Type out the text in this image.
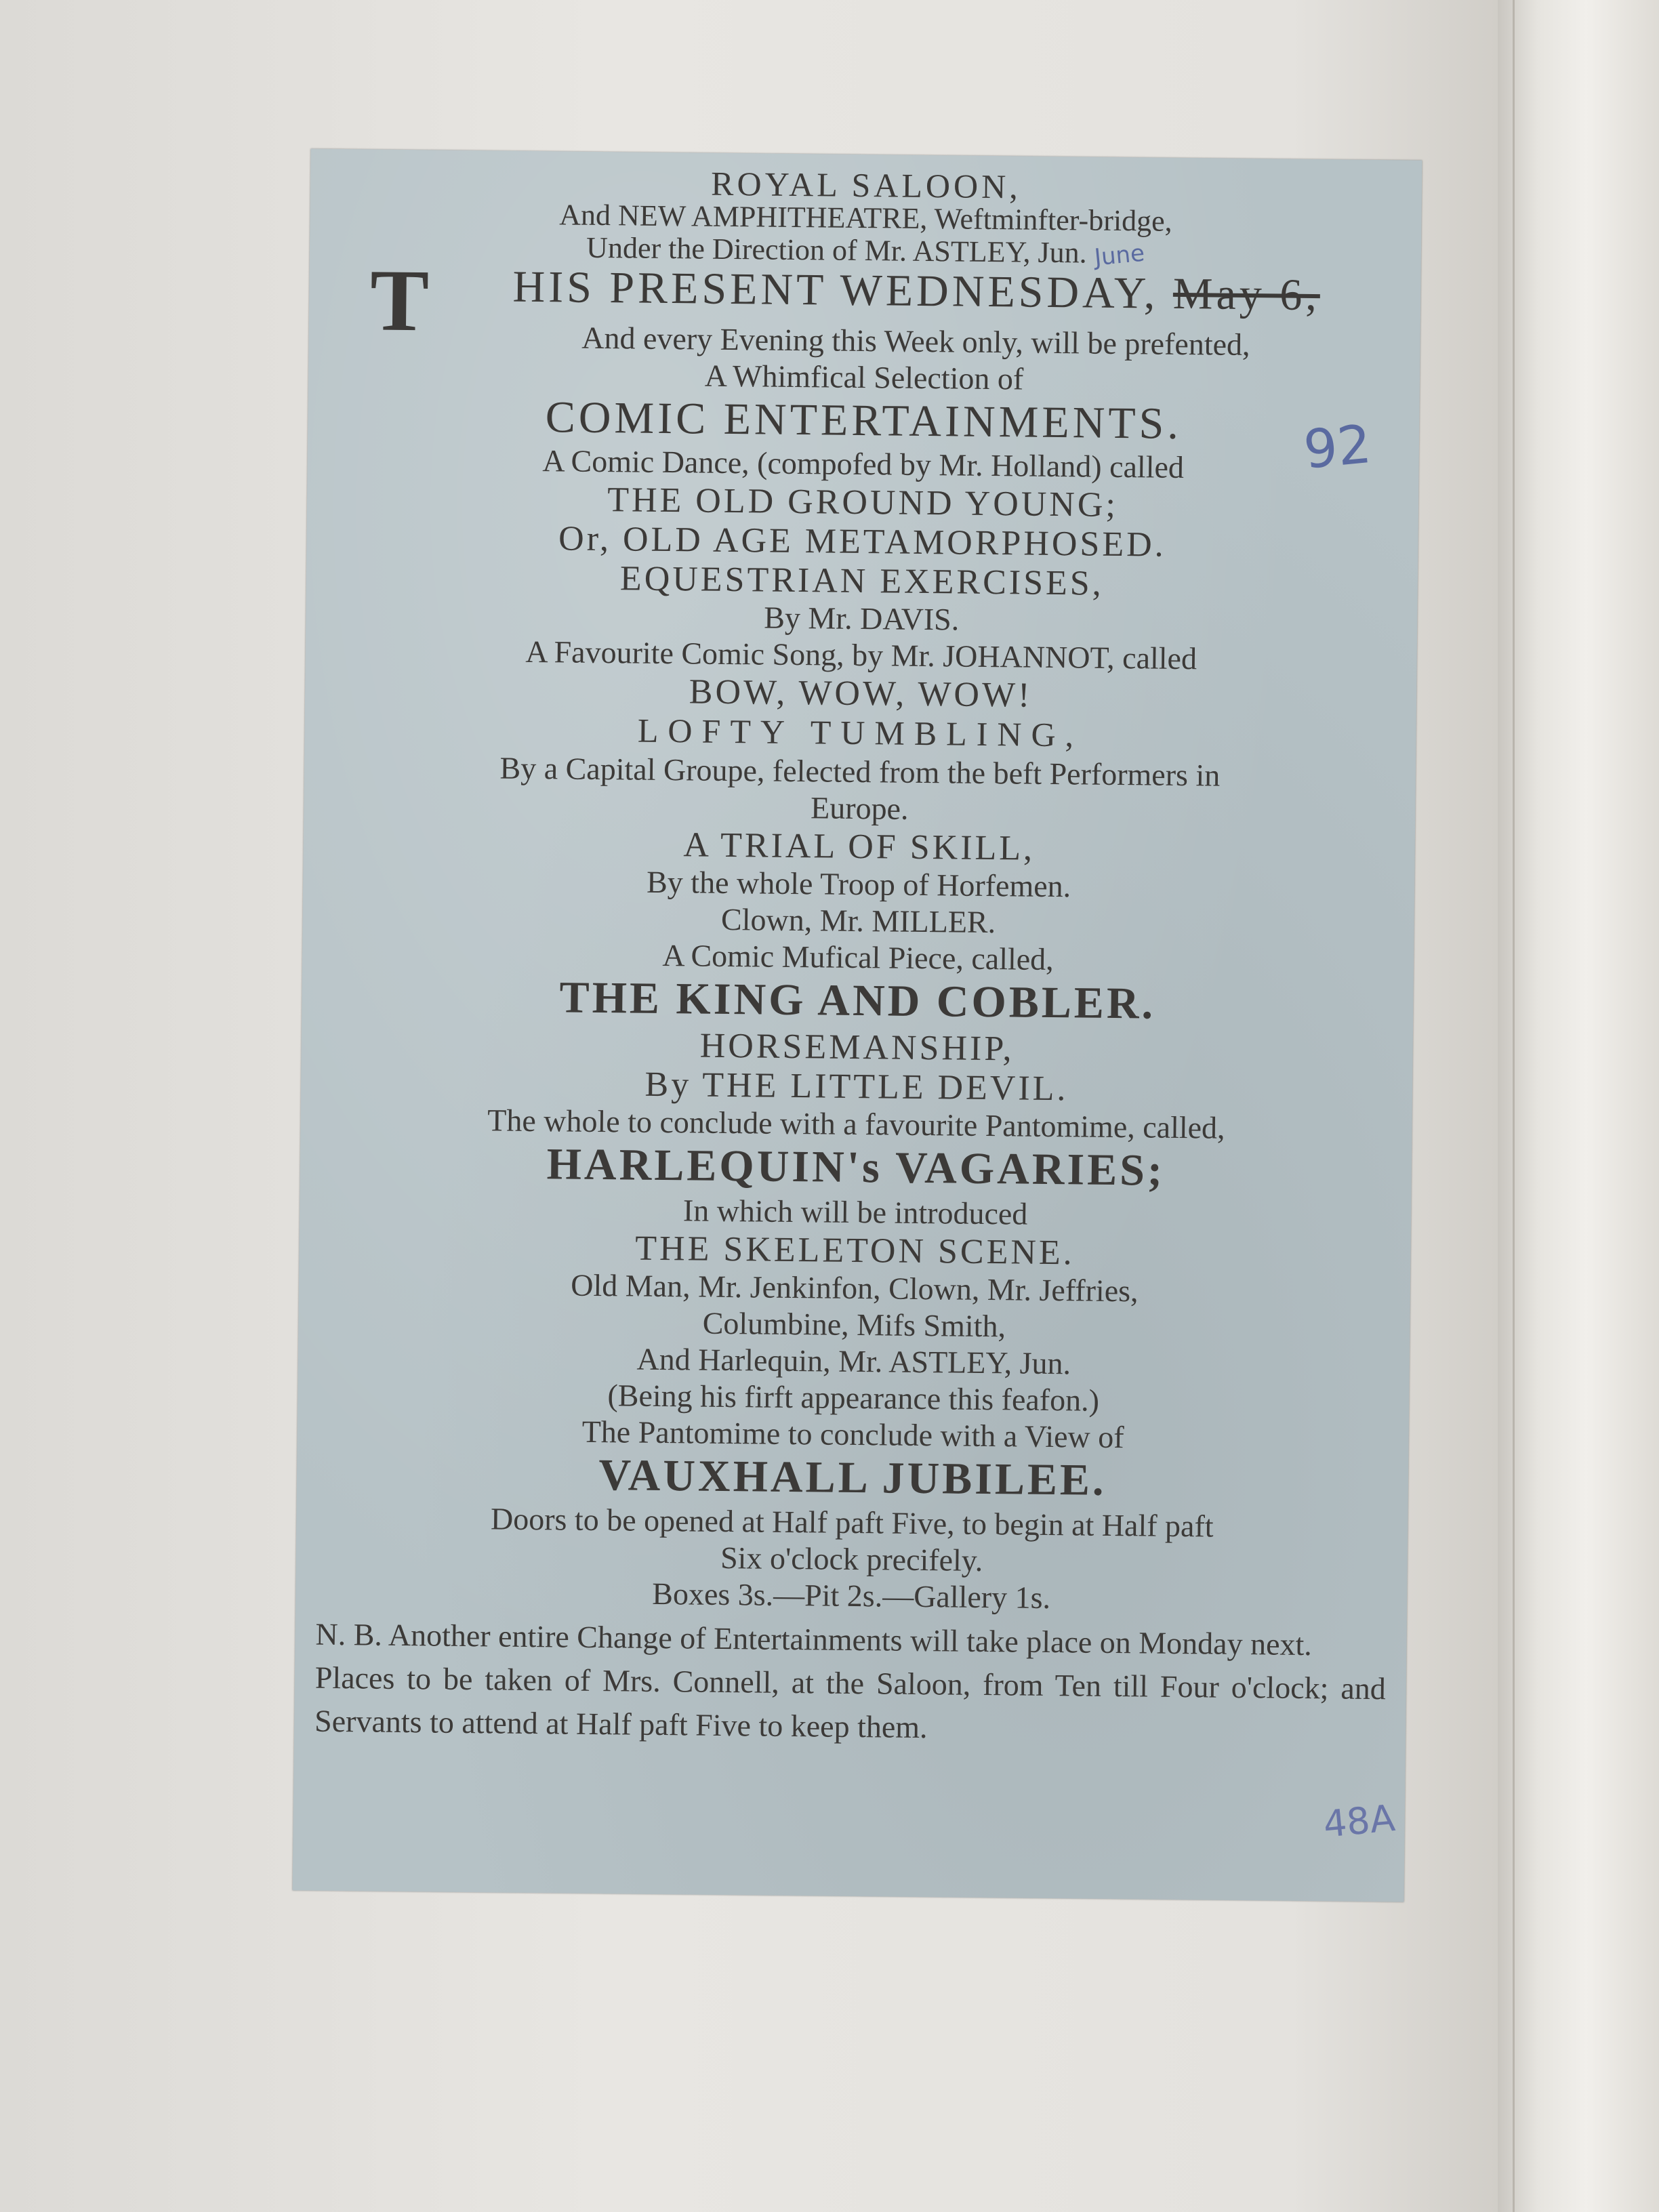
ROYAL SALOON,

And NEW AMPHITHEATRE, Weftminfter-bridge,

Under the Direction of Mr. ASTLEY, Jun. June

T HIS PRESENT WEDNESDAY, May 6,

And every Evening this Week only, will be prefented,

A Whimfical Selection of

COMIC ENTERTAINMENTS.

A Comic Dance, (compofed by Mr. Holland) called

THE OLD GROUND YOUNG;

Or, OLD AGE METAMORPHOSED.

EQUESTRIAN EXERCISES,

By Mr. DAVIS.

A Favourite Comic Song, by Mr. JOHANNOT, called

BOW, WOW, WOW!

LOFTY TUMBLING,

By a Capital Groupe, felected from the beft Performers in

Europe.

A TRIAL OF SKILL,

By the whole Troop of Horfemen.

Clown, Mr. MILLER.

A Comic Mufical Piece, called,

THE KING AND COBLER.

HORSEMANSHIP,

By THE LITTLE DEVIL.

The whole to conclude with a favourite Pantomime, called,

HARLEQUIN's VAGARIES;

In which will be introduced

THE SKELETON SCENE.

Old Man, Mr. Jenkinfon, Clown, Mr. Jeffries,

Columbine, Mifs Smith,

And Harlequin, Mr. ASTLEY, Jun.

(Being his firft appearance this feafon.)

The Pantomime to conclude with a View of

VAUXHALL JUBILEE.

Doors to be opened at Half paft Five, to begin at Half paft

Six o'clock precifely.

Boxes 3s.—Pit 2s.—Gallery 1s.

N. B. Another entire Change of Entertainments will take place on Monday next.

Places to be taken of Mrs. Connell, at the Saloon, from Ten till Four o'clock; and Servants to attend at Half paft Five to keep them.

92
48A
